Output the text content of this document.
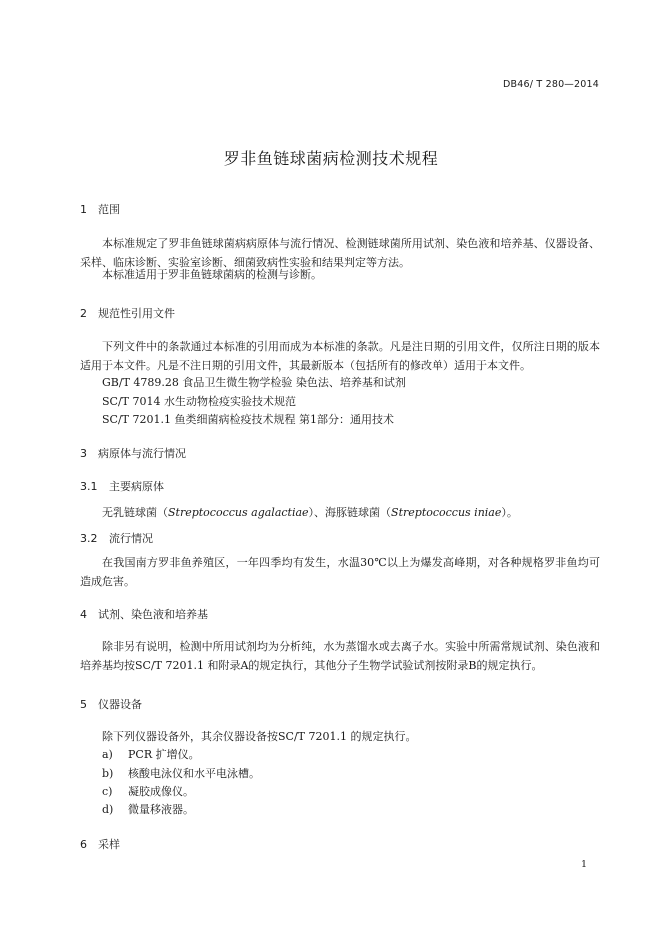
DB46/ T 280—2014
罗非鱼链球菌病检测技术规程
1 范围
本标准规定了罗非鱼链球菌病病原体与流行情况、检测链球菌所用试剂、染色液和培养基、仪器设备、采样、临床诊断、实验室诊断、细菌致病性实验和结果判定等方法。
本标准适用于罗非鱼链球菌病的检测与诊断。
2 规范性引用文件
下列文件中的条款通过本标准的引用而成为本标准的条款。凡是注日期的引用文件，仅所注日期的版本适用于本文件。凡是不注日期的引用文件，其最新版本（包括所有的修改单）适用于本文件。
GB/T 4789.28 食品卫生微生物学检验 染色法、培养基和试剂
SC/T 7014 水生动物检疫实验技术规范
SC/T 7201.1 鱼类细菌病检疫技术规程 第1部分：通用技术
3 病原体与流行情况
3.1 主要病原体
无乳链球菌（Streptococcus agalactiae）、海豚链球菌（Streptococcus iniae）。
3.2 流行情况
在我国南方罗非鱼养殖区，一年四季均有发生，水温30℃以上为爆发高峰期，对各种规格罗非鱼均可造成危害。
4 试剂、染色液和培养基
除非另有说明，检测中所用试剂均为分析纯，水为蒸馏水或去离子水。实验中所需常规试剂、染色液和培养基均按SC/T 7201.1 和附录A的规定执行，其他分子生物学试验试剂按附录B的规定执行。
5 仪器设备
除下列仪器设备外，其余仪器设备按SC/T 7201.1 的规定执行。
a) PCR 扩增仪。
b) 核酸电泳仪和水平电泳槽。
c) 凝胶成像仪。
d) 微量移液器。
6 采样
1
